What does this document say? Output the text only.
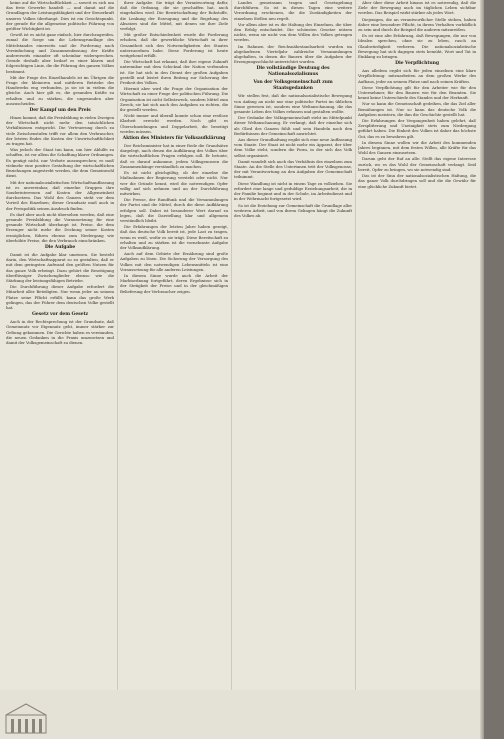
keine auf die Wirtschaftlichkeit — soweit es sich um das freie Gewerbe handelt — und damit auf die Grundlagen der Leistungsfähigkeit und der Steuerkraft unseres Volkes überhaupt. Dies ist ein Gesichtspunkt, der gerade für die allgemeine politische Führung von größter Wichtigkeit ist.

Gewiß ist es nicht ganz einfach, hier durchzugreifen, zumal die Sorge um die Lebensgrundlage des Mittelstandes einerseits und die Forderung nach Vereinfachung und Zusammenfassung der Kräfte andererseits einander oft scheinbar widersprechen. Gerade deshalb aber bedarf es einer klaren und folgerichtigen Linie, die die Führung des ganzen Volkes bestimmt.

Mit der Frage des Einzelhandels ist im Übrigen die Frage der kleineren und mittleren Betriebe des Handwerks eng verbunden, ja sie ist in vielem die gleiche. Auch hier gilt es, die gesunden Kräfte zu erhalten und zu stärken, die ungesunden aber auszuscheiden.

Der Kampf um den Preis

Hinzu kommt, daß die Preisbildung in vielen Zweigen der Wirtschaft nicht mehr den tatsächlichen Verhältnissen entspricht. Die Verteuerung durch zu viele Zwischenstufen trifft vor allem den Verbraucher, der letzten Endes die Kosten der Unwirtschaftlichkeit zu tragen hat.

Was jedoch der Staat tun kann, um hier Abhilfe zu schaffen, ist vor allem die Schaffung klarer Ordnungen. Es genügt nicht, nur Verbote auszusprechen; es muß vielmehr eine positive Gestaltung der wirtschaftlichen Beziehungen angestrebt werden, die dem Gemeinwohl dient.

Mit der nationalsozialistischen Wirtschaftsauffassung ist es unvereinbar, daß einzelne Gruppen ihre Sonderinteressen auf Kosten der Allgemeinheit durchsetzen. Das Wohl des Ganzen steht vor dem Vorteil des Einzelnen; dieser Grundsatz muß auch in der Preispolitik seinen Ausdruck finden.

Es darf aber auch nicht übersehen werden, daß eine gesunde Preisbildung die Voraussetzung für eine gesunde Wirtschaft überhaupt ist. Preise, die dem Erzeuger nicht mehr die Deckung seiner Kosten ermöglichen, führen ebenso zum Niedergang wie überhöhte Preise, die den Verbrauch einschränken.

Die Aufgabe

Damit ist die Aufgabe klar umrissen. Sie besteht darin, den Wirtschaftsapparat so zu gestalten, daß er mit dem geringsten Aufwand den größten Nutzen für das ganze Volk erbringt. Dazu gehört die Beseitigung überflüssiger Zwischenglieder ebenso wie die Stärkung der leistungsfähigen Betriebe.

Die Durchführung dieser Aufgabe erfordert die Mitarbeit aller Beteiligten. Nur wenn jeder an seinem Platze seine Pflicht erfüllt, kann das große Werk gelingen, das der Führer dem deutschen Volke gestellt hat.

Gesetz vor dem Gesetz

Auch in der Rechtsprechung ist der Grundsatz, daß Gemeinnutz vor Eigennutz geht, immer stärker zur Geltung gekommen. Die Gerichte haben es verstanden, die neuen Gedanken in die Praxis umzusetzen und damit der Volksgemeinschaft zu dienen.

ihrer Aufgabe. Sie trägt die Verantwortung dafür, daß die Ordnung, die sie geschaffen hat, auch eingehalten wird. Die Bewirtschaftung der Rohstoffe, die Lenkung der Erzeugung und die Regelung des Absatzes sind die Mittel, mit denen sie ihre Ziele verfolgt.

Mit großer Entschiedenheit wurde die Forderung erhoben, daß die gewerbliche Wirtschaft in ihrer Gesamtheit sich den Notwendigkeiten des Staates unterzuordnen habe. Diese Forderung ist heute weitgehend erfüllt.

Die Wirtschaft hat erkannt, daß ihre eigene Zukunft untrennbar mit dem Schicksal der Nation verbunden ist. Sie hat sich in den Dienst der großen Aufgaben gestellt und leistet ihren Beitrag zur Sicherung der Freiheit des Volkes.

Hiermit aber wird die Frage der Organisation der Wirtschaft zu einer Frage der politischen Führung. Die Organisation ist nicht Selbstzweck, sondern Mittel zum Zweck; sie hat sich nach den Aufgaben zu richten, die ihr gestellt werden.

Nicht immer und überall konnte schon eine restlose Klarheit erreicht werden. Noch gibt es Überschneidungen und Doppelarbeit, die beseitigt werden müssen.

Aktion des Ministers für Volksaufklärung

Der Reichsminister hat in einer Rede die Grundsätze dargelegt, nach denen die Aufklärung des Volkes über die wirtschaftlichen Fragen erfolgen soll. Er betonte, daß es darauf ankomme, jedem Volksgenossen die Zusammenhänge verständlich zu machen.

Es ist nicht gleichgültig, ob der einzelne die Maßnahmen der Regierung versteht oder nicht. Nur wer die Gründe kennt, wird die notwendigen Opfer willig auf sich nehmen und an der Durchführung mitwirken.

Die Presse, der Rundfunk und die Versammlungen der Partei sind die Mittel, durch die diese Aufklärung erfolgen soll. Dabei ist besonderer Wert darauf zu legen, daß die Darstellung klar und allgemein verständlich bleibt.

Die Erfahrungen der letzten Jahre haben gezeigt, daß das deutsche Volk bereit ist, jede Last zu tragen, wenn es weiß, wofür es sie trägt. Diese Bereitschaft zu erhalten und zu stärken ist die vornehmste Aufgabe der Volksaufklärung.

Auch auf dem Gebiete der Ernährung sind große Aufgaben zu lösen. Die Sicherung der Versorgung des Volkes mit den notwendigen Lebensmitteln ist eine Voraussetzung für alle anderen Leistungen.

In diesem Sinne wurde auch die Arbeit der Marktordnung fortgeführt, deren Ergebnisse sich in der Stetigkeit der Preise und in der gleichmäßigen Belieferung der Verbraucher zeigen.

Landes gemeinsam tragen und Gesetzgebung durchführen. So ist in diesen Tagen eine weitere Verordnung erschienen, die die Zuständigkeiten der einzelnen Stellen neu regelt.

Vor allem aber ist es die Haltung des Einzelnen, die über den Erfolg entscheidet. Die schönsten Gesetze nützen nichts, wenn sie nicht von dem Willen des Volkes getragen werden.

Im Rahmen der Reichsnährstandsarbeit wurden im abgelaufenen Vierteljahr zahlreiche Versammlungen abgehalten, in denen die Bauern über die Aufgaben der Erzeugungsschlacht unterrichtet wurden.

Die vollständige Deutung des Nationalsozialismus
Von der Volksgemeinschaft zum Staatsgedanken

Wir stellen fest, daß die nationalsozialistische Bewegung von Anfang an nicht nur eine politische Partei im üblichen Sinne gewesen ist, sondern eine Weltanschauung, die das gesamte Leben des Volkes erfassen und gestalten wollte.

Der Gedanke der Volksgemeinschaft steht im Mittelpunkt dieser Weltanschauung. Er verlangt, daß der einzelne sich als Glied des Ganzen fühlt und sein Handeln nach den Bedürfnissen der Gemeinschaft ausrichtet.

Aus dieser Grundhaltung ergibt sich eine neue Auffassung vom Staate. Der Staat ist nicht mehr ein Apparat, der über dem Volke steht, sondern die Form, in der sich das Volk selbst organisiert.

Damit wandelt sich auch das Verhältnis des einzelnen zum Staate. An die Stelle des Untertanen tritt der Volksgenosse, der mit Verantwortung an den Aufgaben der Gemeinschaft teilnimmt.

Diese Wandlung ist nicht in einem Tage zu vollziehen. Sie erfordert eine lange und geduldige Erziehungsarbeit, die in der Familie beginnt und in der Schule, im Arbeitsdienst und in der Wehrmacht fortgesetzt wird.

So ist die Erziehung zur Gemeinschaft die Grundlage aller weiteren Arbeit, und von ihrem Gelingen hängt die Zukunft des Volkes ab.

Aber über diese Arbeit hinaus ist es notwendig, daß die Ziele der Bewegung auch im täglichen Leben sichtbar werden. Das Beispiel wirkt stärker als jedes Wort.

Diejenigen, die an verantwortlicher Stelle stehen, haben daher eine besondere Pflicht, in ihrem Verhalten vorbildlich zu sein und durch ihr Beispiel die anderen mitzureißen.

Es ist eine alte Erfahrung, daß Bewegungen, die nur von Idealen sprechen, ohne sie zu leben, rasch an Glaubwürdigkeit verlieren. Die nationalsozialistische Bewegung hat sich dagegen stets bemüht, Wort und Tat in Einklang zu bringen.

Die Verpflichtung

Aus alledem ergibt sich für jeden einzelnen eine klare Verpflichtung: mitzuarbeiten an dem großen Werke des Aufbaus, jeder an seinem Platze und nach seinen Kräften.

Diese Verpflichtung gilt für den Arbeiter wie für den Unternehmer, für den Bauern wie für den Beamten. Sie kennt keine Unterschiede des Standes und der Herkunft.

Nur so kann die Gemeinschaft gedeihen, die das Ziel aller Bemühungen ist. Nur so kann das deutsche Volk die Aufgaben meistern, die ihm die Geschichte gestellt hat.

Die Erfahrungen der Vergangenheit haben gelehrt, daß Zersplitterung und Uneinigkeit stets zum Niedergang geführt haben. Die Einheit des Volkes ist daher das höchste Gut, das es zu bewahren gilt.

In diesem Sinne wollen wir die Arbeit des kommenden Jahres beginnen, mit dem festen Willen, alle Kräfte für das Wohl des Ganzen einzusetzen.

Darum geht der Ruf an alle: Stellt das eigene Interesse zurück, wo es das Wohl der Gemeinschaft verlangt. Seid bereit, Opfer zu bringen, wo sie notwendig sind.

Das ist der Sinn der nationalsozialistischen Haltung, die das ganze Volk durchdringen soll und die die Gewähr für eine glückliche Zukunft bietet.
